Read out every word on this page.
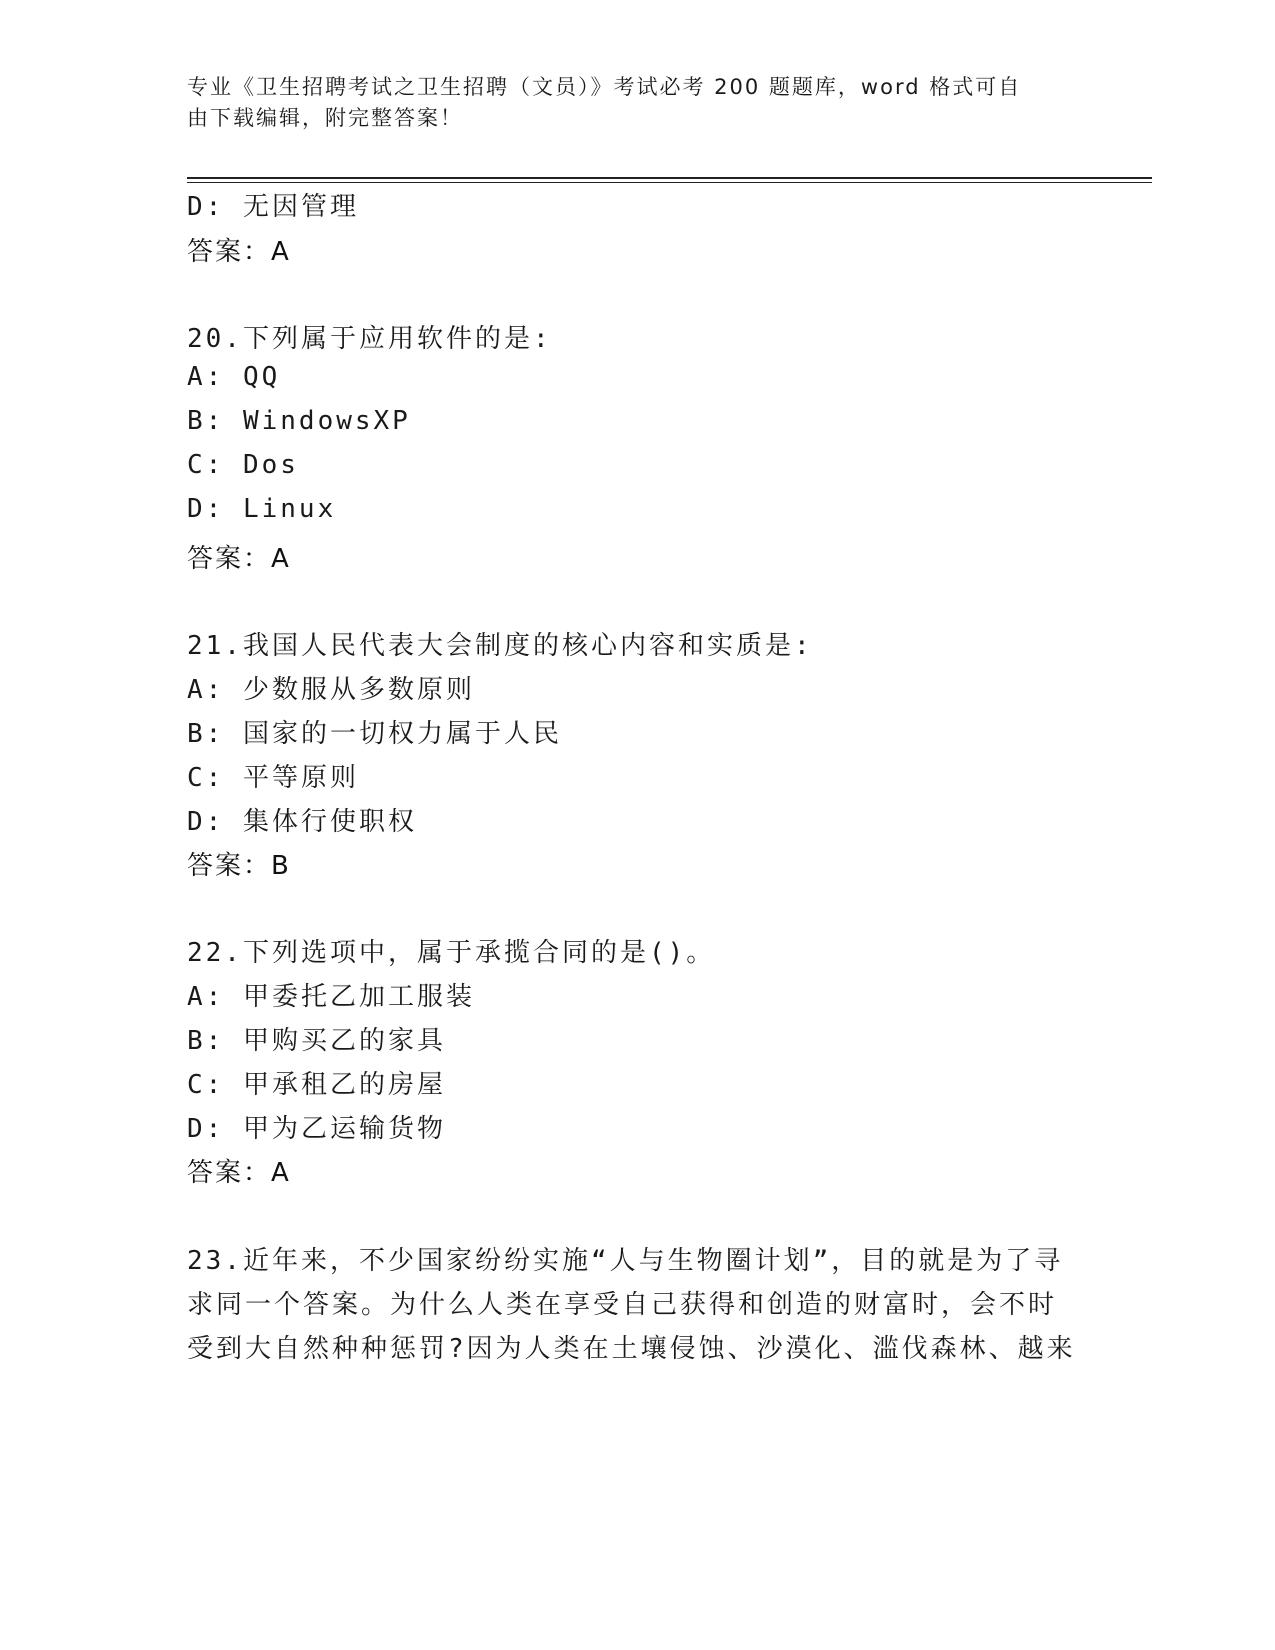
专业《卫生招聘考试之卫生招聘（文员）》考试必考 200 题题库，word 格式可自
由下载编辑，附完整答案！
D: 无因管理
答案：A
20.下列属于应用软件的是:
A: QQ
B: WindowsXP
C: Dos
D: Linux
答案：A
21.我国人民代表大会制度的核心内容和实质是:
A: 少数服从多数原则
B: 国家的一切权力属于人民
C: 平等原则
D: 集体行使职权
答案：B
22.下列选项中，属于承揽合同的是()。
A: 甲委托乙加工服装
B: 甲购买乙的家具
C: 甲承租乙的房屋
D: 甲为乙运输货物
答案：A
23.近年来，不少国家纷纷实施“人与生物圈计划”，目的就是为了寻
求同一个答案。为什么人类在享受自己获得和创造的财富时，会不时
受到大自然种种惩罚?因为人类在土壤侵蚀、沙漠化、滥伐森林、越来
